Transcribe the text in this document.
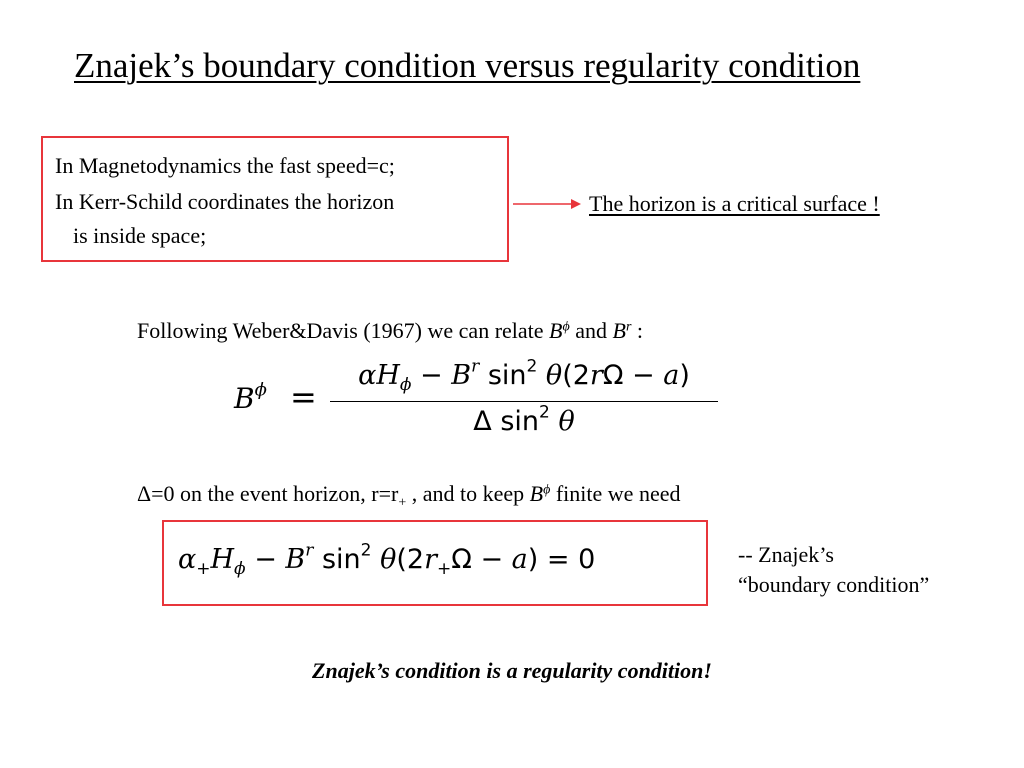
Znajek’s boundary condition versus regularity condition
In Magnetodynamics the fast speed=c;
In Kerr-Schild coordinates the horizon
is inside space;
The horizon is a critical surface !
Following Weber&Davis (1967) we can relate $B^\phi$ and $B^r$ :
$B^\phi$ =
$\alpha H_\phi - B^r$ $\sin^2 \theta(2r\Omega - a)$
Δ $\sin^2 \theta$
Δ=0 on the event horizon, $r=r_+$ , and to keep $B^\phi$ finite we need
$\alpha_+H_\phi - B^r$ $\sin^2 \theta(2r_+\Omega - a) = 0$	-- Znajek’s
“boundary condition”
Znajek’s condition is a regularity condition!
